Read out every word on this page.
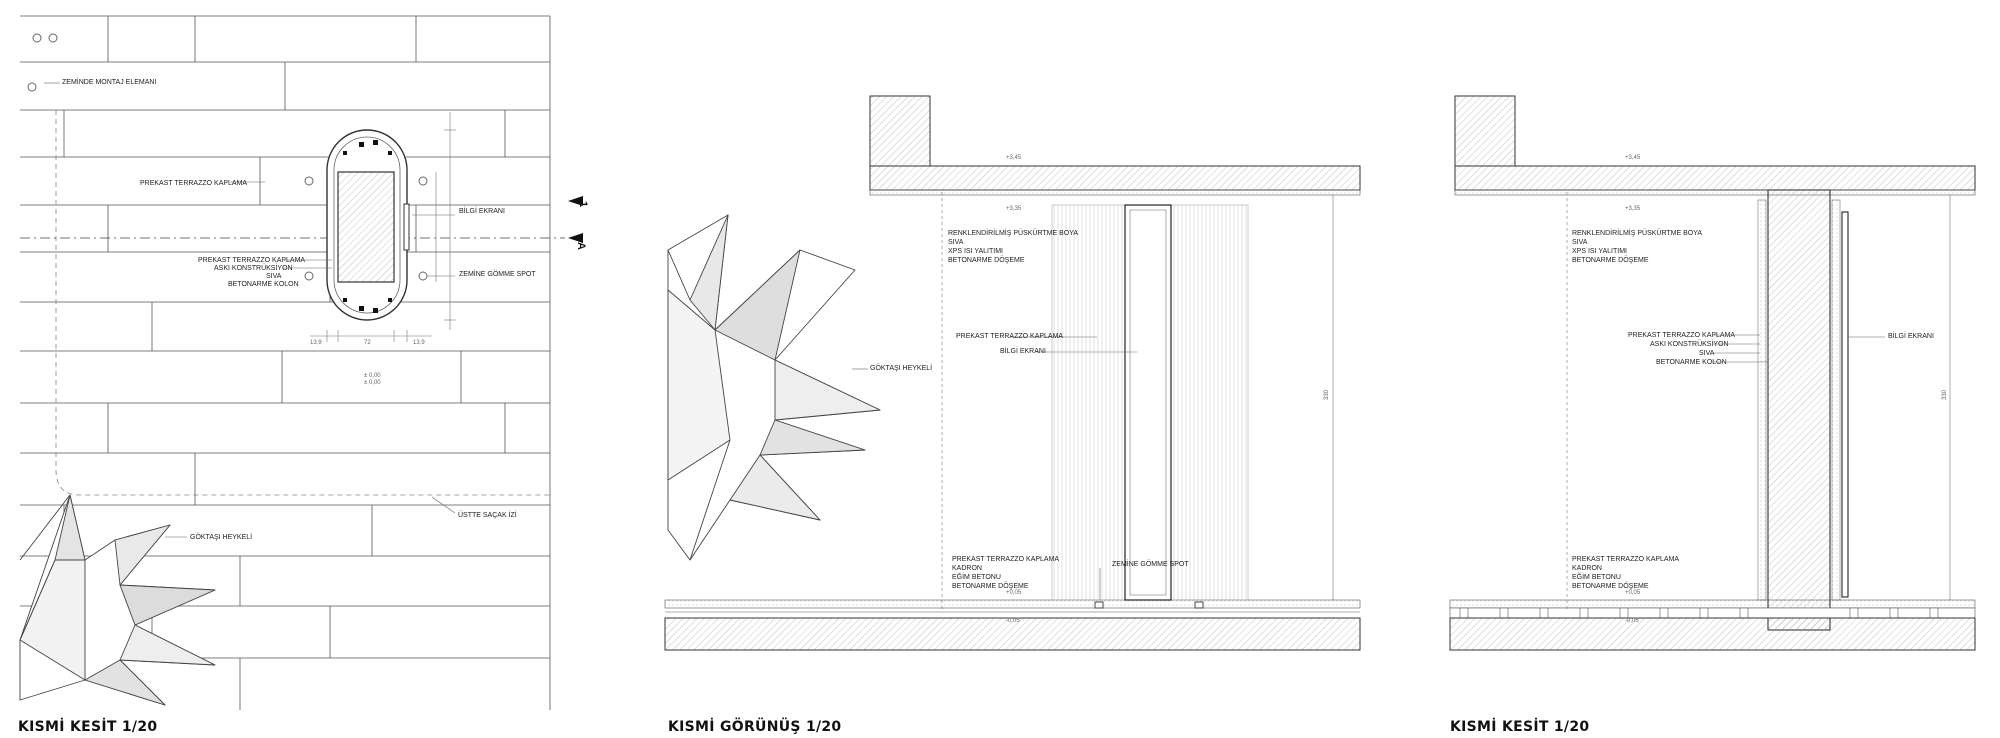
13,9	72	13,9
± 0,00
± 0,00
1
A
ZEMİNDE MONTAJ ELEMANI
PREKAST TERRAZZO KAPLAMA
BİLGİ EKRANI
PREKAST TERRAZZO KAPLAMA
ASKI KONSTRÜKSİYON
SIVA
BETONARME KOLON
ZEMİNE GÖMME SPOT
ÜSTTE SAÇAK İZİ
GÖKTAŞI HEYKELİ
KISMİ KESİT 1/20
330
+3,45
+3,35
+0,05
-0,05
RENKLENDİRİLMİŞ PÜSKÜRTME BOYA
SIVA
XPS ISI YALITIMI
BETONARME DÖŞEME
PREKAST TERRAZZO KAPLAMA
BİLGİ EKRANI
GÖKTAŞI HEYKELİ
ZEMİNE GÖMME SPOT
PREKAST TERRAZZO KAPLAMA
KADRON
EĞİM BETONU
BETONARME DÖŞEME
KISMİ GÖRÜNÜŞ 1/20
330
+3,45
+3,35
+0,05
-0,05
RENKLENDİRİLMİŞ PÜSKÜRTME BOYA
SIVA
XPS ISI YALITIMI
BETONARME DÖŞEME
PREKAST TERRAZZO KAPLAMA
ASKI KONSTRÜKSİYON
SIVA
BETONARME KOLON
BİLGİ EKRANI
PREKAST TERRAZZO KAPLAMA
KADRON
EĞİM BETONU
BETONARME DÖŞEME
KISMİ KESİT 1/20
